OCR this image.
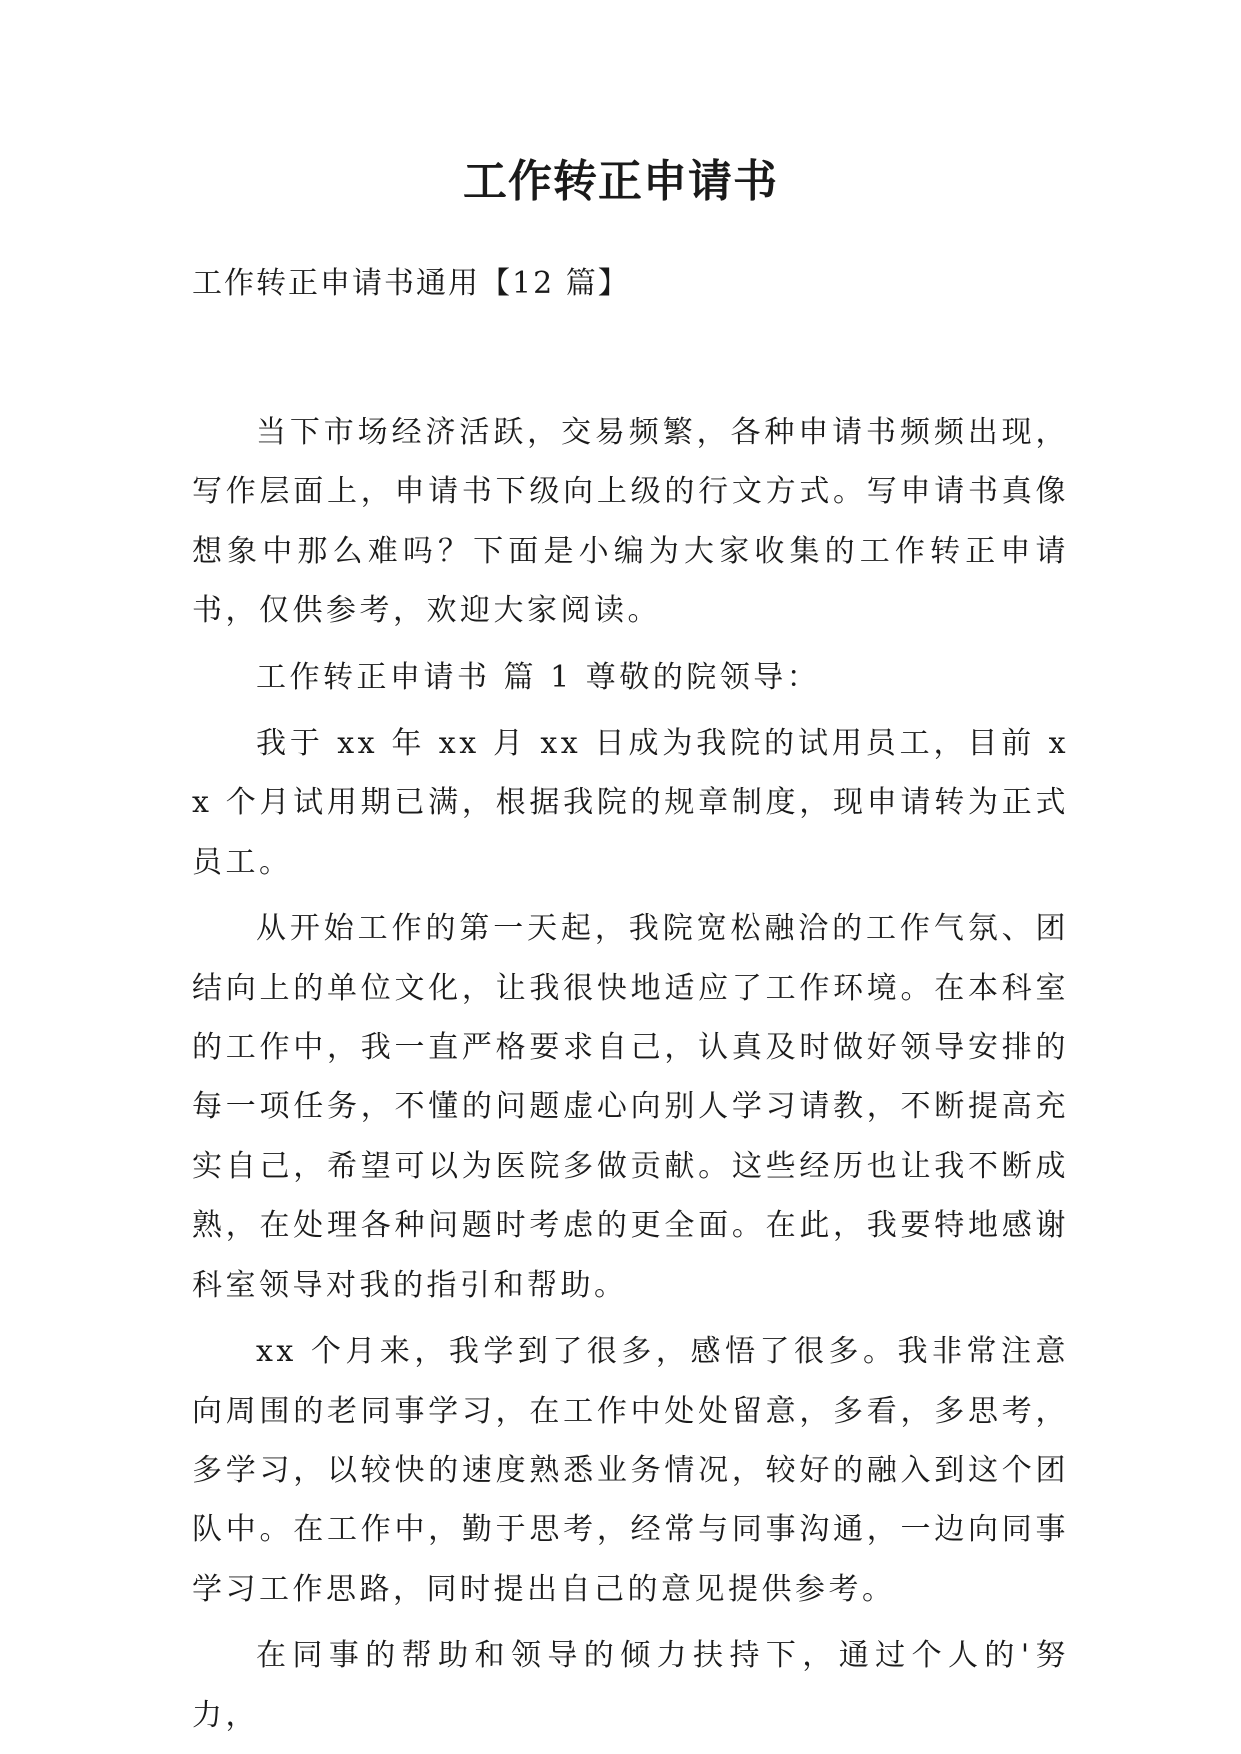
工作转正申请书

工作转正申请书通用【12 篇】

当下市场经济活跃，交易频繁，各种申请书频频出现，写作层面上，申请书下级向上级的行文方式。写申请书真像想象中那么难吗？下面是小编为大家收集的工作转正申请书，仅供参考，欢迎大家阅读。

工作转正申请书 篇 1 尊敬的院领导：

我于 xx 年 xx 月 xx 日成为我院的试用员工，目前 xx 个月试用期已满，根据我院的规章制度，现申请转为正式员工。

从开始工作的第一天起，我院宽松融洽的工作气氛、团结向上的单位文化，让我很快地适应了工作环境。在本科室的工作中，我一直严格要求自己，认真及时做好领导安排的每一项任务，不懂的问题虚心向别人学习请教，不断提高充实自己，希望可以为医院多做贡献。这些经历也让我不断成熟，在处理各种问题时考虑的更全面。在此，我要特地感谢科室领导对我的指引和帮助。

xx 个月来，我学到了很多，感悟了很多。我非常注意向周围的老同事学习，在工作中处处留意，多看，多思考，多学习，以较快的速度熟悉业务情况，较好的融入到这个团队中。在工作中，勤于思考，经常与同事沟通，一边向同事学习工作思路，同时提出自己的意见提供参考。

在同事的帮助和领导的倾力扶持下，通过个人的'努力，
